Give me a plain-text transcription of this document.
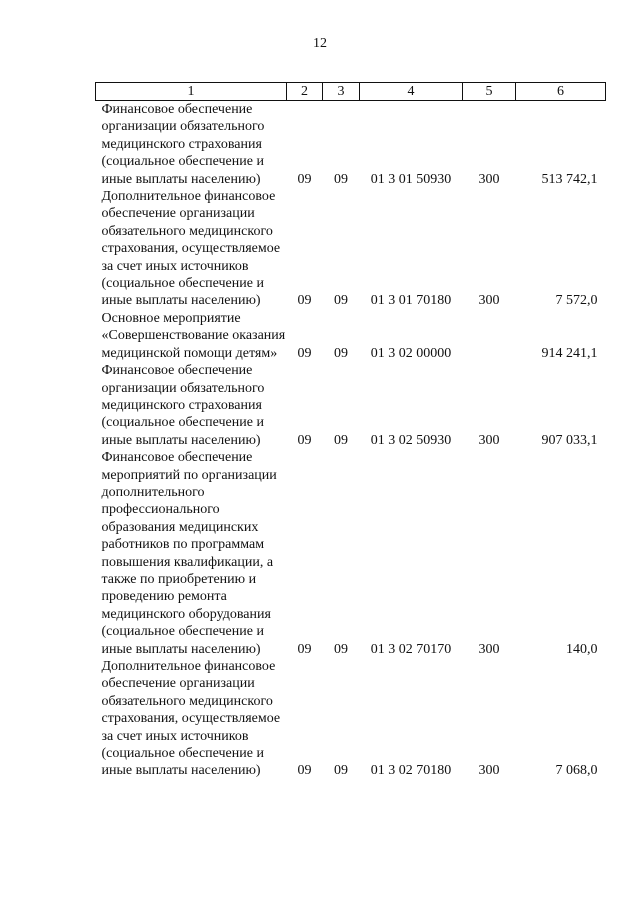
12
1	2	3	4	5	6
Финансовое обеспечение организации обязательного медицинского страхования (социальное обеспечение и иные выплаты населению)	09	09	01 3 01 50930	300	513 742,1
Дополнительное финансовое обеспечение организации обязательного медицинского страхования, осуществляемое за счет иных источников (социальное обеспечение и иные выплаты населению)	09	09	01 3 01 70180	300	7 572,0
Основное мероприятие «Совершенствование оказания медицинской помощи детям»	09	09	01 3 02 00000		914 241,1
Финансовое обеспечение организации обязательного медицинского страхования (социальное обеспечение и иные выплаты населению)	09	09	01 3 02 50930	300	907 033,1
Финансовое обеспечение мероприятий по организации дополнительного профессионального образования медицинских работников по программам повышения квалификации, а также по приобретению и проведению ремонта медицинского оборудования (социальное обеспечение и иные выплаты населению)	09	09	01 3 02 70170	300	140,0
Дополнительное финансовое обеспечение организации обязательного медицинского страхования, осуществляемое за счет иных источников (социальное обеспечение и иные выплаты населению)	09	09	01 3 02 70180	300	7 068,0
